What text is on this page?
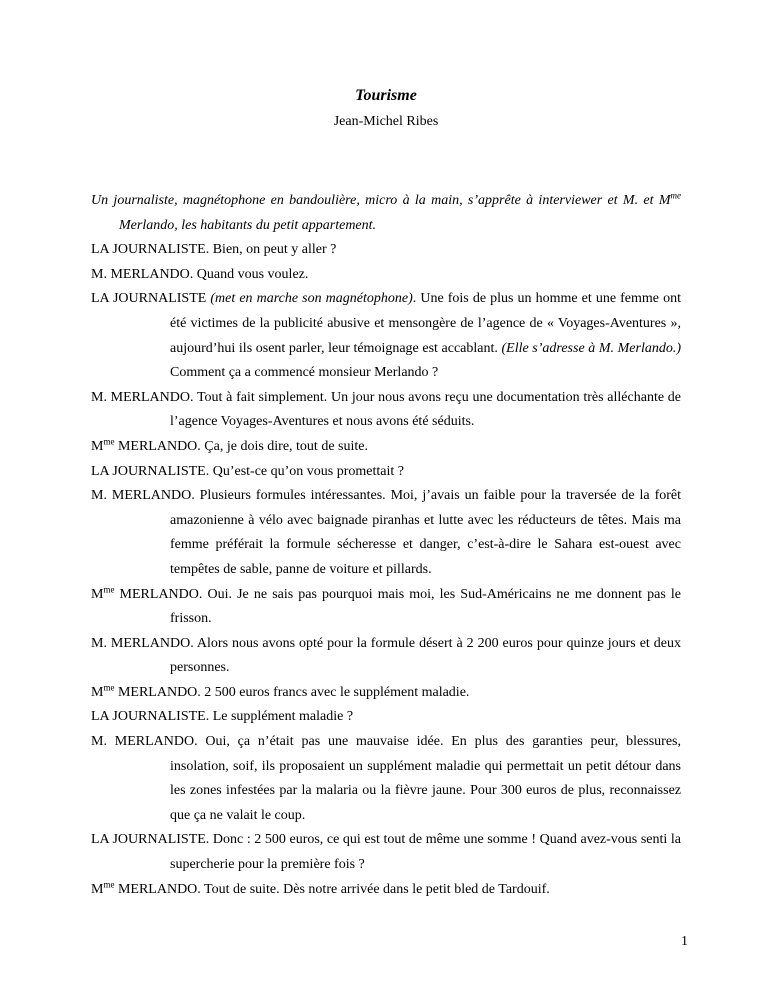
Tourisme
Jean-Michel Ribes

Un journaliste, magnétophone en bandoulière, micro à la main, s’apprête à interviewer et M. et $M^{me}$ Merlando, les habitants du petit appartement.

LA JOURNALISTE. Bien, on peut y aller ?

M. MERLANDO. Quand vous voulez.

LA JOURNALISTE (met en marche son magnétophone). Une fois de plus un homme et une femme ont été victimes de la publicité abusive et mensongère de l’agence de « Voyages-Aventures », aujourd’hui ils osent parler, leur témoignage est accablant. (Elle s’adresse à M. Merlando.) Comment ça a commencé monsieur Merlando ?

M. MERLANDO. Tout à fait simplement. Un jour nous avons reçu une documentation très alléchante de l’agence Voyages-Aventures et nous avons été séduits.

$M^{me}$ MERLANDO. Ça, je dois dire, tout de suite.

LA JOURNALISTE. Qu’est-ce qu’on vous promettait ?

M. MERLANDO. Plusieurs formules intéressantes. Moi, j’avais un faible pour la traversée de la forêt amazonienne à vélo avec baignade piranhas et lutte avec les réducteurs de têtes. Mais ma femme préférait la formule sécheresse et danger, c’est-à-dire le Sahara est-ouest avec tempêtes de sable, panne de voiture et pillards.

$M^{me}$ MERLANDO. Oui. Je ne sais pas pourquoi mais moi, les Sud-Américains ne me donnent pas le frisson.

M. MERLANDO. Alors nous avons opté pour la formule désert à 2 200 euros pour quinze jours et deux personnes.

$M^{me}$ MERLANDO. 2 500 euros francs avec le supplément maladie.

LA JOURNALISTE. Le supplément maladie ?

M. MERLANDO. Oui, ça n’était pas une mauvaise idée. En plus des garanties peur, blessures, insolation, soif, ils proposaient un supplément maladie qui permettait un petit détour dans les zones infestées par la malaria ou la fièvre jaune. Pour 300 euros de plus, reconnaissez que ça ne valait le coup.

LA JOURNALISTE. Donc : 2 500 euros, ce qui est tout de même une somme ! Quand avez-vous senti la supercherie pour la première fois ?

$M^{me}$ MERLANDO. Tout de suite. Dès notre arrivée dans le petit bled de Tardouif.

1
